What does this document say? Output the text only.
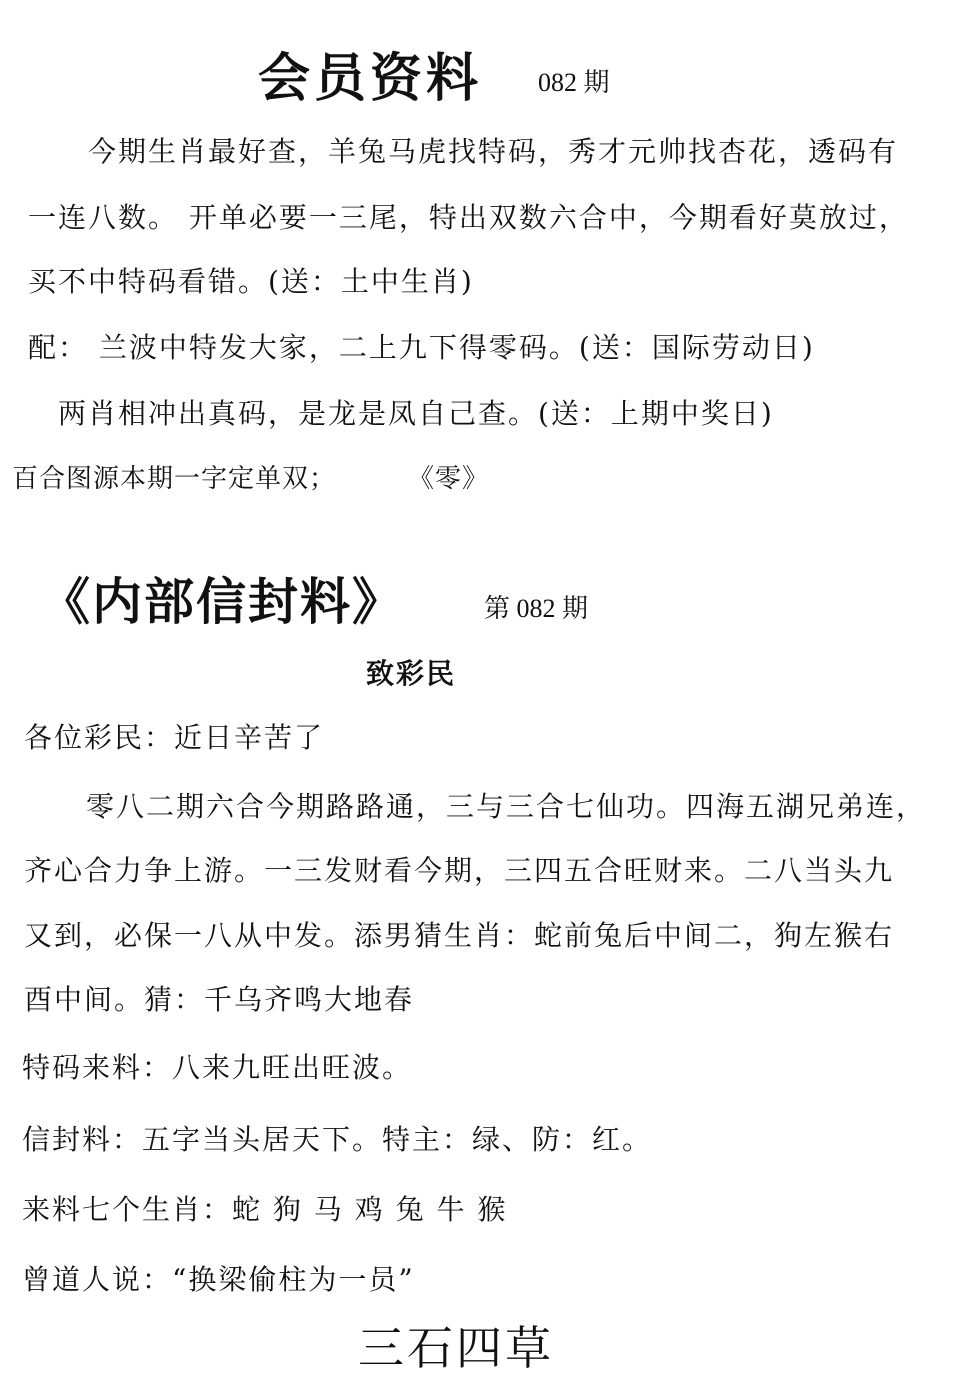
会员资料 082 期
今期生肖最好查，羊兔马虎找特码，秀才元帅找杏花，透码有
一连八数。 开单必要一三尾，特出双数六合中，今期看好莫放过，
买不中特码看错。(送：土中生肖)
配： 兰波中特发大家，二上九下得零码。(送：国际劳动日)
两肖相冲出真码，是龙是凤自己查。(送：上期中奖日)
百合图源本期一字定单双；	《零》
《内部信封料》	第 082 期
致彩民
各位彩民：近日辛苦了
零八二期六合今期路路通，三与三合七仙功。四海五湖兄弟连，
齐心合力争上游。一三发财看今期，三四五合旺财来。二八当头九
又到，必保一八从中发。添男猜生肖：蛇前兔后中间二，狗左猴右
酉中间。猜：千乌齐鸣大地春
特码来料：八来九旺出旺波。
信封料：五字当头居天下。特主：绿、防：红。
来料七个生肖：蛇 狗 马 鸡 兔 牛 猴
曾道人说：“换梁偷柱为一员”
三石四草
